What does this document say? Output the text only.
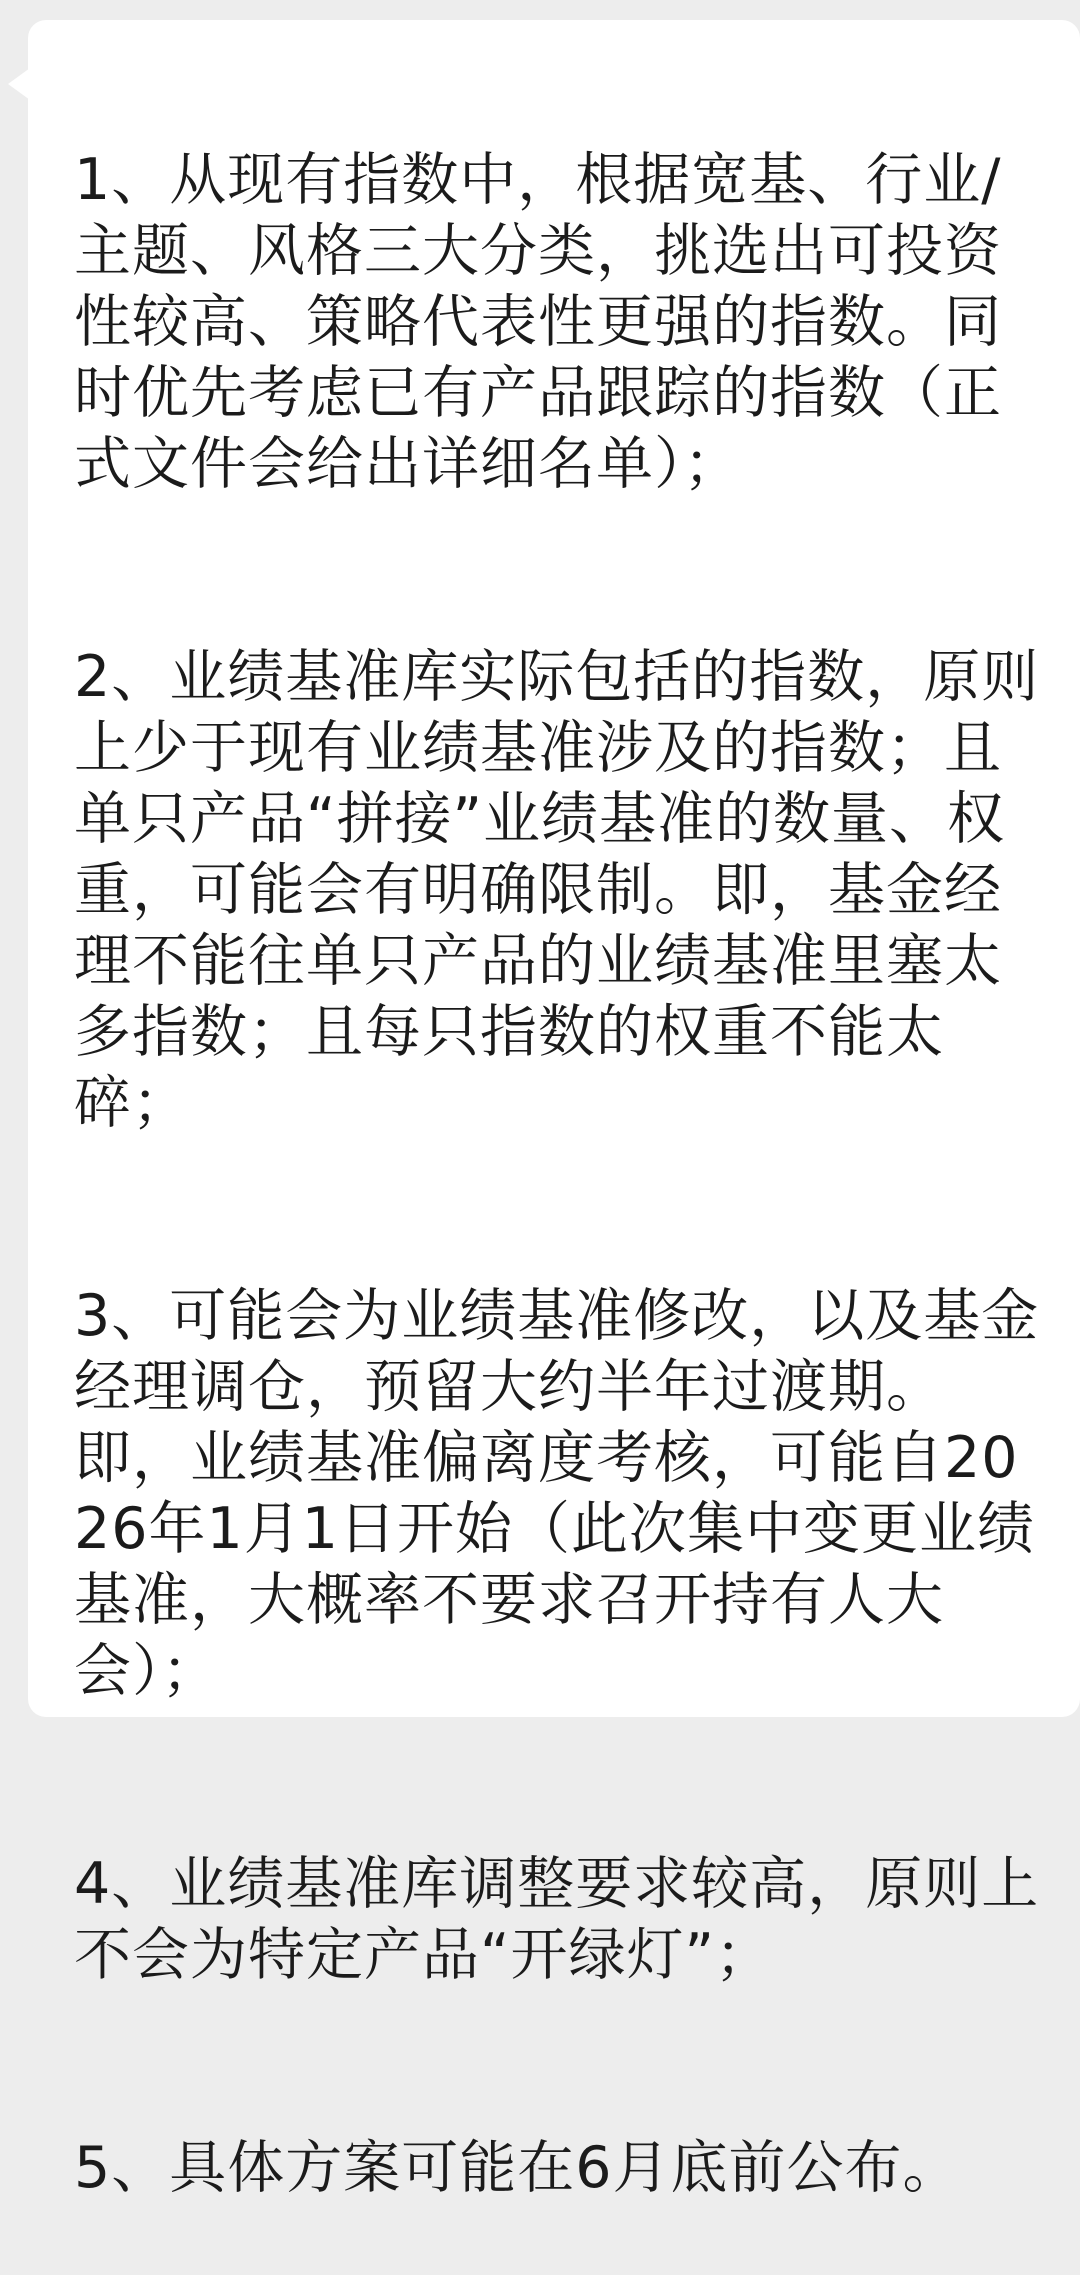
1、从现有指数中，根据宽基、行业/主题、风格三大分类，挑选出可投资性较高、策略代表性更强的指数。同时优先考虑已有产品跟踪的指数（正式文件会给出详细名单）；

2、业绩基准库实际包括的指数，原则上少于现有业绩基准涉及的指数；且单只产品“拼接”业绩基准的数量、权重，可能会有明确限制。即，基金经理不能往单只产品的业绩基准里塞太多指数；且每只指数的权重不能太碎；

3、可能会为业绩基准修改，以及基金经理调仓，预留大约半年过渡期。即，业绩基准偏离度考核，可能自2026年1月1日开始（此次集中变更业绩基准，大概率不要求召开持有人大会）；

4、业绩基准库调整要求较高，原则上不会为特定产品“开绿灯”；

5、具体方案可能在6月底前公布。
